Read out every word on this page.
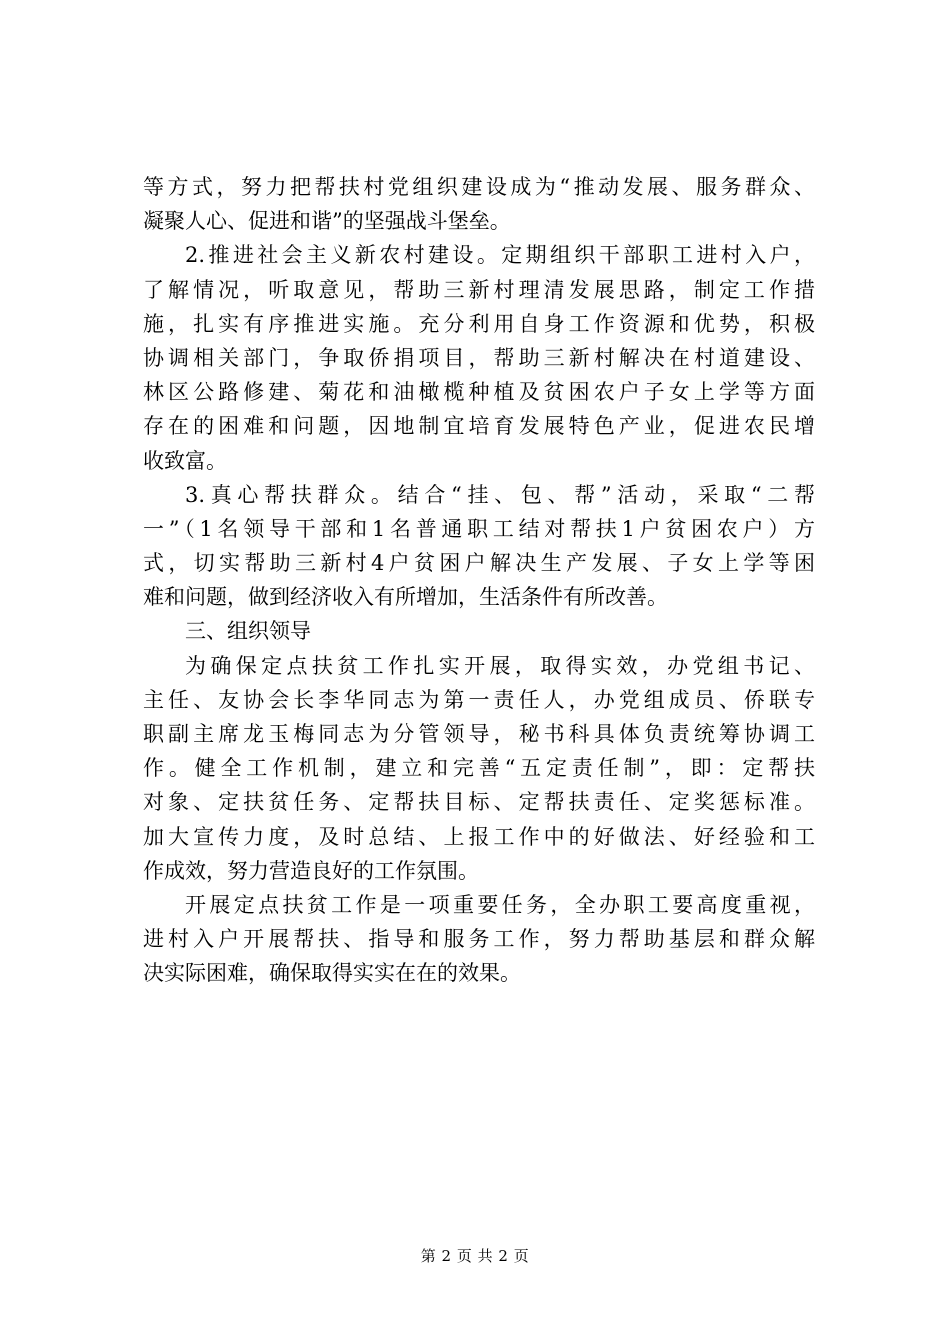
等方式，努力把帮扶村党组织建设成为“推动发展、服务群众、
凝聚人心、促进和谐”的坚强战斗堡垒。
2.推进社会主义新农村建设。定期组织干部职工进村入户，
了解情况，听取意见，帮助三新村理清发展思路，制定工作措
施，扎实有序推进实施。充分利用自身工作资源和优势，积极
协调相关部门，争取侨捐项目，帮助三新村解决在村道建设、
林区公路修建、菊花和油橄榄种植及贫困农户子女上学等方面
存在的困难和问题，因地制宜培育发展特色产业，促进农民增
收致富。
3.真心帮扶群众。结合“挂、包、帮”活动，采取“二帮
一”（1名领导干部和1名普通职工结对帮扶1户贫困农户）方
式，切实帮助三新村4户贫困户解决生产发展、子女上学等困
难和问题，做到经济收入有所增加，生活条件有所改善。
三、组织领导
为确保定点扶贫工作扎实开展，取得实效，办党组书记、
主任、友协会长李华同志为第一责任人，办党组成员、侨联专
职副主席龙玉梅同志为分管领导，秘书科具体负责统筹协调工
作。健全工作机制，建立和完善“五定责任制”，即：定帮扶
对象、定扶贫任务、定帮扶目标、定帮扶责任、定奖惩标准。
加大宣传力度，及时总结、上报工作中的好做法、好经验和工
作成效，努力营造良好的工作氛围。
开展定点扶贫工作是一项重要任务，全办职工要高度重视，
进村入户开展帮扶、指导和服务工作，努力帮助基层和群众解
决实际困难，确保取得实实在在的效果。
第 2 页 共 2 页
